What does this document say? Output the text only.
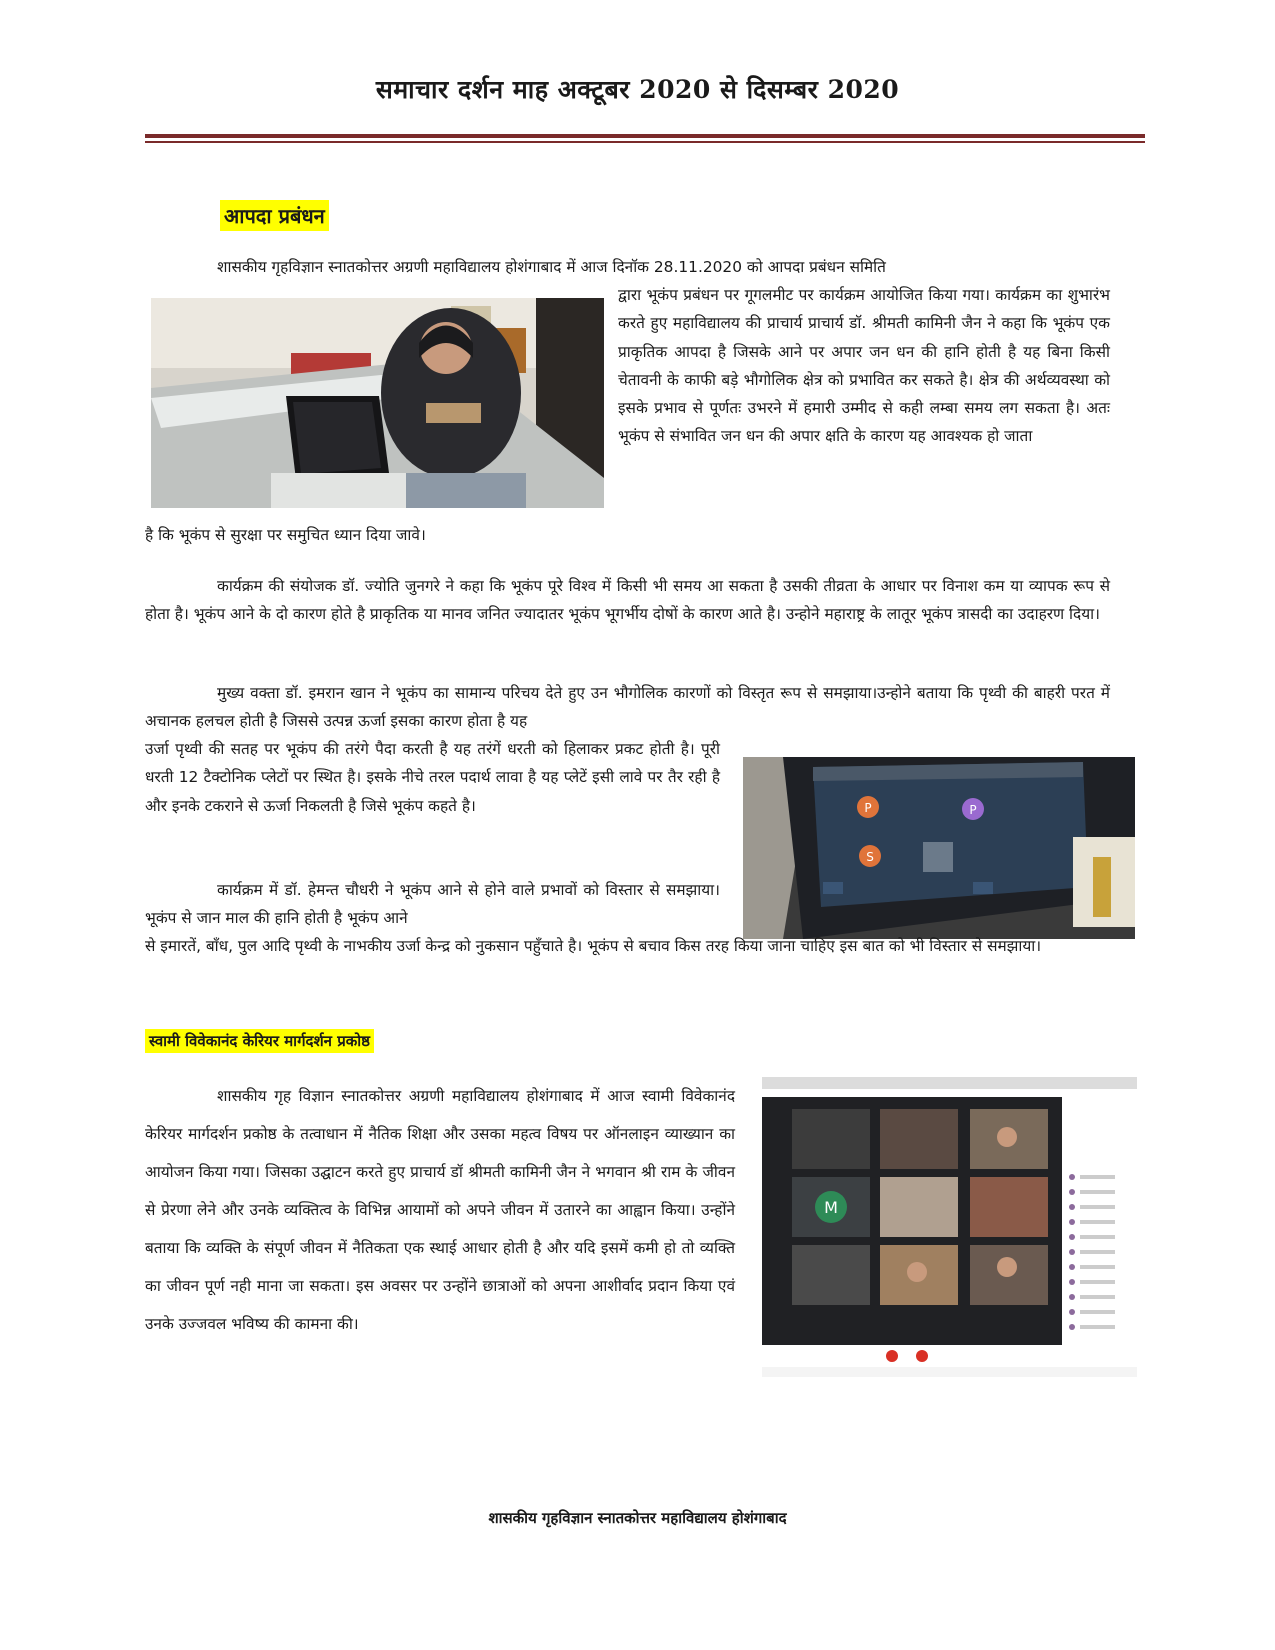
समाचार दर्शन माह अक्टूबर 2020 से दिसम्बर 2020
आपदा प्रबंधन

शासकीय गृहविज्ञान स्नातकोत्तर अग्रणी महाविद्यालय होशंगाबाद में आज दिनॉक 28.11.2020 को आपदा प्रबंधन समिति

द्वारा भूकंप प्रबंधन पर गूगलमीट पर कार्यक्रम आयोजित किया गया। कार्यक्रम का शुभारंभ करते हुए महाविद्यालय की प्राचार्य प्राचार्य डॉ. श्रीमती कामिनी जैन ने कहा कि भूकंप एक प्राकृतिक आपदा है जिसके आने पर अपार जन धन की हानि होती है यह बिना किसी चेतावनी के काफी बड़े भौगोलिक क्षेत्र को प्रभावित कर सकते है। क्षेत्र की अर्थव्यवस्था को इसके प्रभाव से पूर्णतः उभरने में हमारी उम्मीद से कही लम्बा समय लग सकता है। अतः भूकंप से संभावित जन धन की अपार क्षति के कारण यह आवश्यक हो जाता

है कि भूकंप से सुरक्षा पर समुचित ध्यान दिया जावे।

कार्यक्रम की संयोजक डॉ. ज्योति जुनगरे ने कहा कि भूकंप पूरे विश्व में किसी भी समय आ सकता है उसकी तीव्रता के आधार पर विनाश कम या व्यापक रूप से होता है। भूकंप आने के दो कारण होते है प्राकृतिक या मानव जनित ज्यादातर भूकंप भूगर्भीय दोषों के कारण आते है। उन्होने महाराष्ट्र के लातूर भूकंप त्रासदी का उदाहरण दिया।

मुख्य वक्ता डॉ. इमरान खान ने भूकंप का सामान्य परिचय देते हुए उन भौगोलिक कारणों को विस्तृत रूप से समझाया।उन्होने बताया कि पृथ्वी की बाहरी परत में अचानक हलचल होती है जिससे उत्पन्न ऊर्जा इसका कारण होता है यह

उर्जा पृथ्वी की सतह पर भूकंप की तरंगे पैदा करती है यह तरंगें धरती को हिलाकर प्रकट होती है। पूरी धरती 12 टैक्टोनिक प्लेटों पर स्थित है। इसके नीचे तरल पदार्थ लावा है यह प्लेटें इसी लावे पर तैर रही है और इनके टकराने से ऊर्जा निकलती है जिसे भूकंप कहते है।	P	P
S

कार्यक्रम में डॉ. हेमन्त चौधरी ने भूकंप आने से होने वाले प्रभावों को विस्तार से समझाया। भूकंप से जान माल की हानि होती है भूकंप आने

से इमारतें, बाँध, पुल आदि पृथ्वी के नाभकीय उर्जा केन्द्र को नुकसान पहुँचाते है। भूकंप से बचाव किस तरह किया जाना चाहिए इस बात को भी विस्तार से समझाया।

स्वामी विवेकानंद केरियर मार्गदर्शन प्रकोष्ठ

शासकीय गृह विज्ञान स्नातकोत्तर अग्रणी महाविद्यालय होशंगाबाद में आज स्वामी विवेकानंद केरियर मार्गदर्शन प्रकोष्ठ के तत्वाधान में नैतिक शिक्षा और उसका महत्व विषय पर ऑनलाइन व्याख्यान का आयोजन किया गया। जिसका उद्घाटन करते हुए प्राचार्य डॉ श्रीमती कामिनी जैन ने भगवान श्री राम के जीवन से प्रेरणा लेने और उनके व्यक्तित्व के विभिन्न आयामों को अपने जीवन में उतारने का आह्वान किया। उन्होंने बताया कि व्यक्ति के संपूर्ण जीवन में नैतिकता एक स्थाई आधार होती है और यदि इसमें कमी हो तो व्यक्ति का जीवन पूर्ण नही माना जा सकता। इस अवसर पर उन्होंने छात्राओं को अपना आशीर्वाद प्रदान किया एवं उनके उज्जवल भविष्य की कामना की।

M
शासकीय गृहविज्ञान स्नातकोत्तर महाविद्यालय होशंगाबाद
